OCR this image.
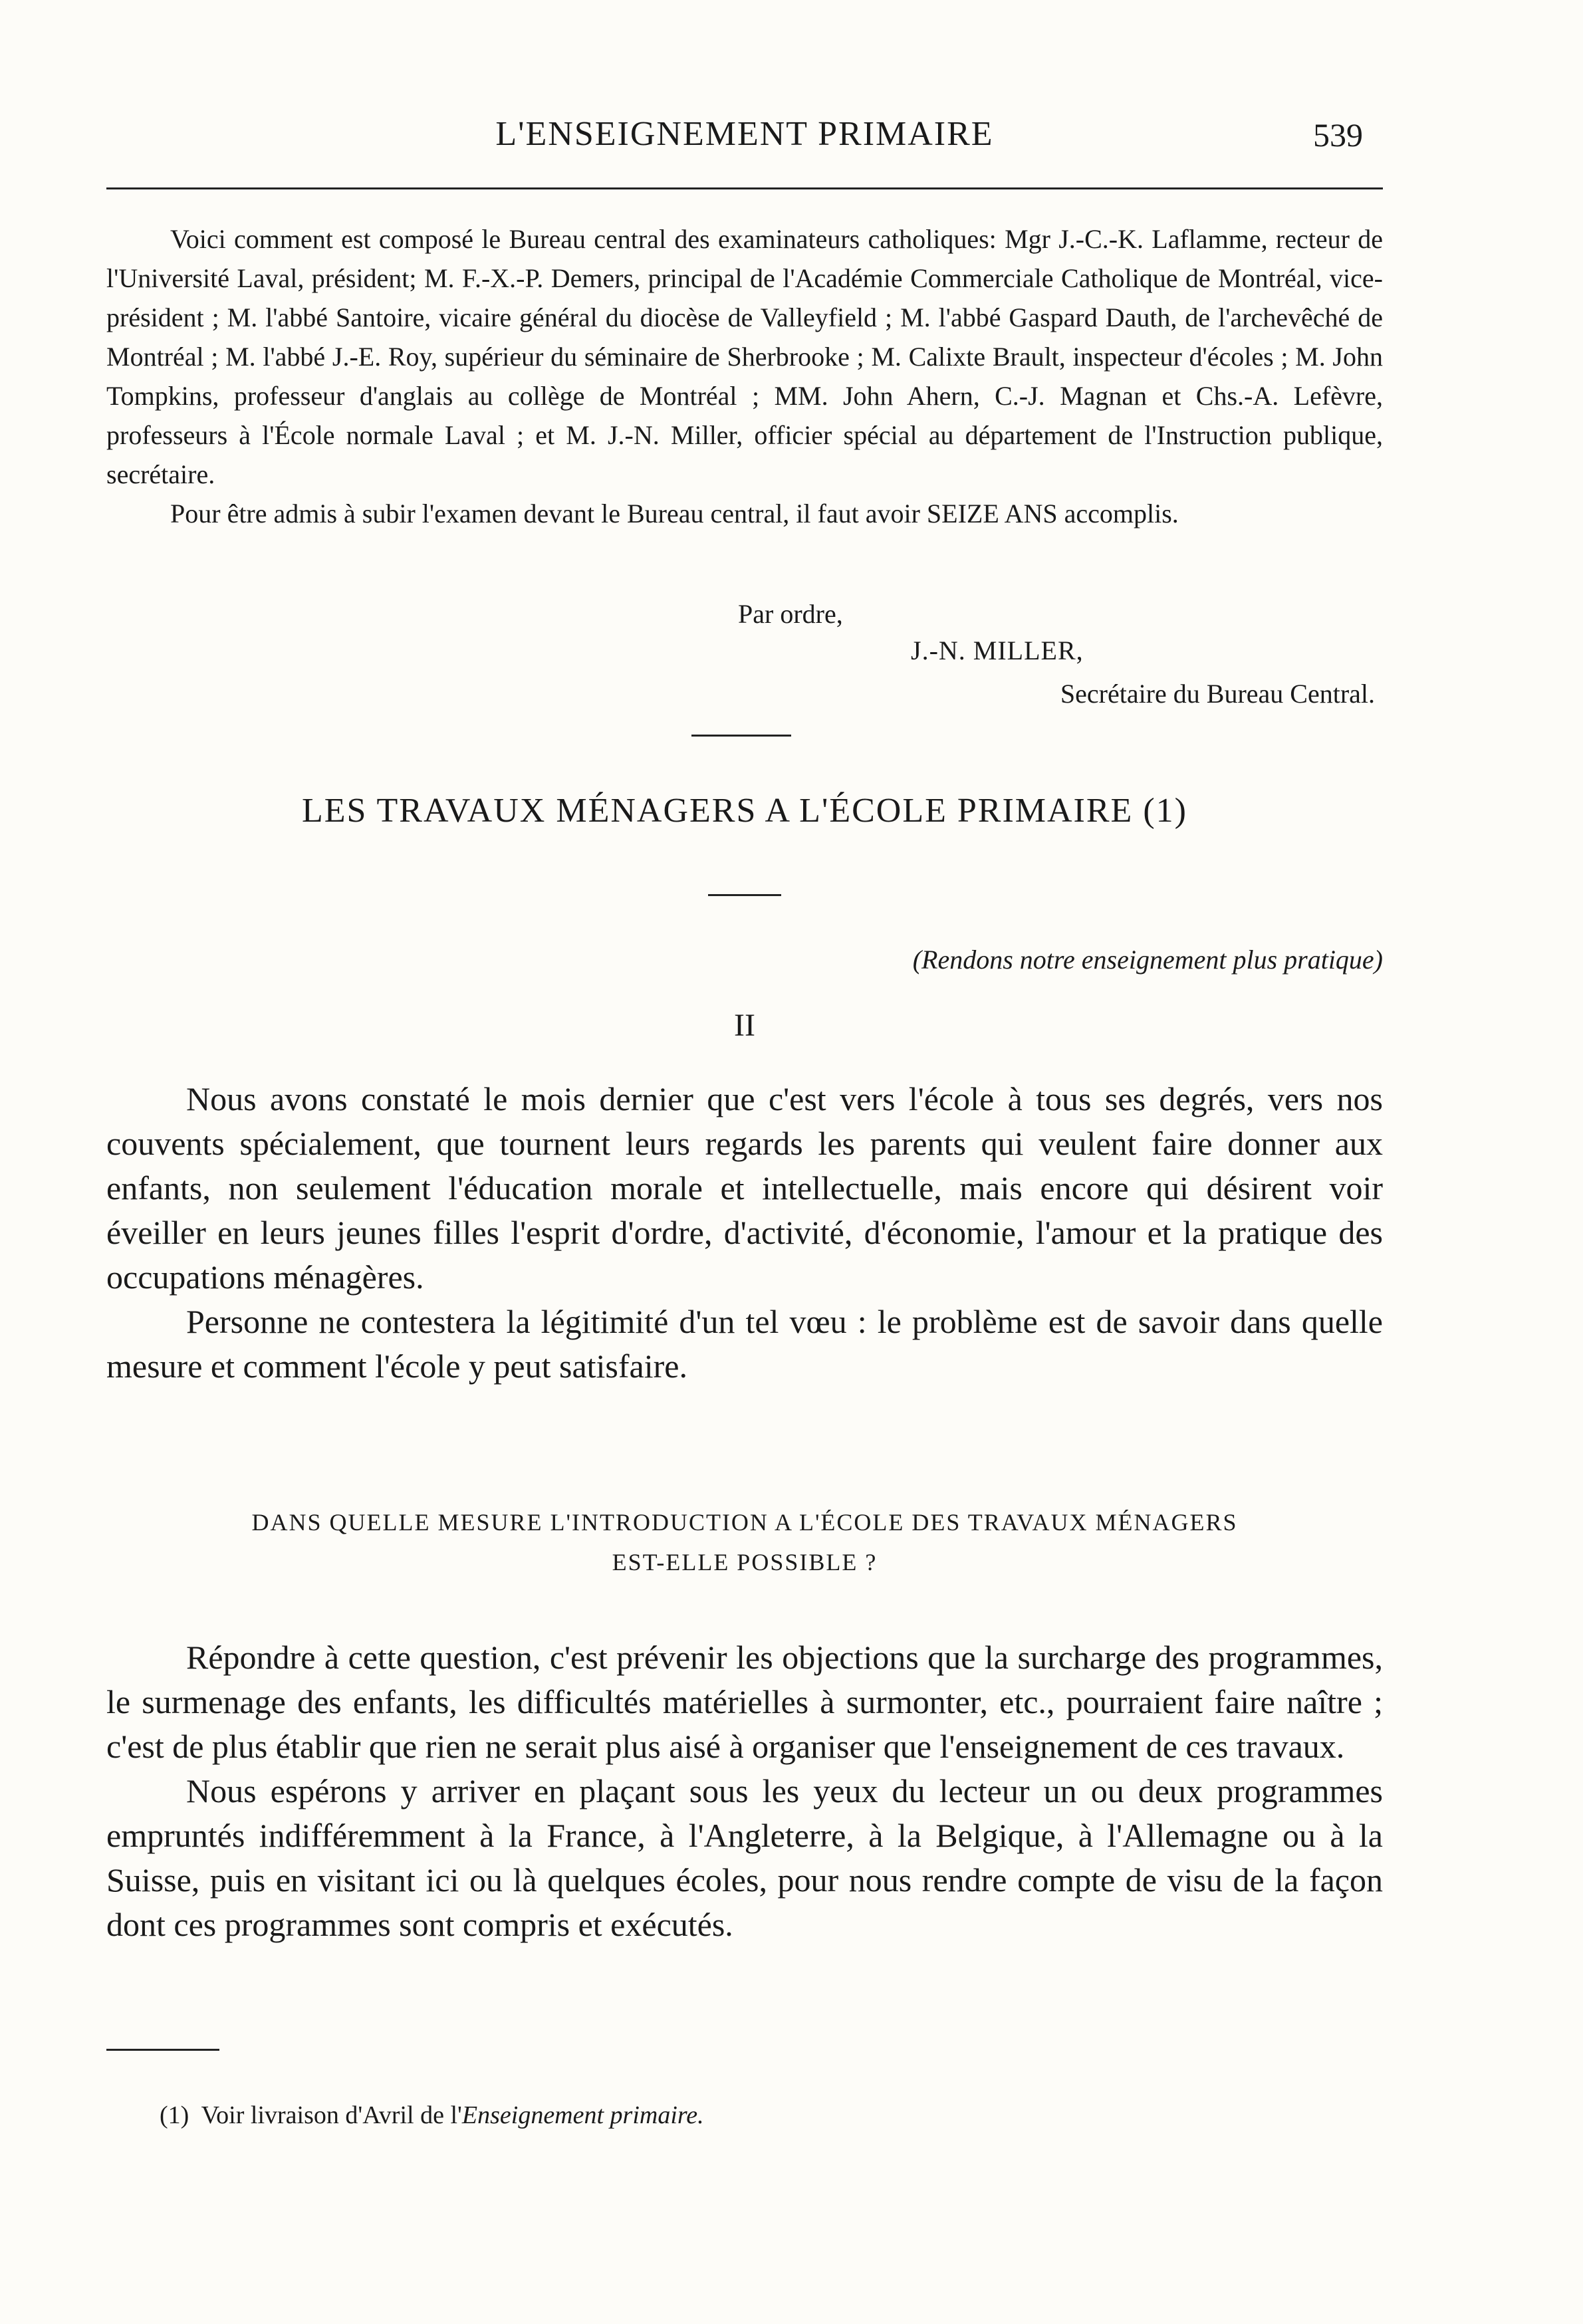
L'ENSEIGNEMENT PRIMAIRE	539

Voici comment est composé le Bureau central des examinateurs catholiques: Mgr J.-C.-K. Laflamme, recteur de l'Université Laval, président; M. F.-X.-P. Demers, principal de l'Académie Commerciale Catholique de Montréal, vice-président ; M. l'abbé Santoire, vicaire général du diocèse de Valleyfield ; M. l'abbé Gaspard Dauth, de l'archevêché de Montréal ; M. l'abbé J.-E. Roy, supérieur du séminaire de Sherbrooke ; M. Calixte Brault, inspecteur d'écoles ; M. John Tompkins, professeur d'anglais au collège de Montréal ; MM. John Ahern, C.-J. Magnan et Chs.-A. Lefèvre, professeurs à l'École normale Laval ; et M. J.-N. Miller, officier spécial au département de l'Instruction publique, secrétaire.

Pour être admis à subir l'examen devant le Bureau central, il faut avoir SEIZE ANS accomplis.

Par ordre,
J.-N. MILLER,
Secrétaire du Bureau Central.
LES TRAVAUX MÉNAGERS A L'ÉCOLE PRIMAIRE (1)
(Rendons notre enseignement plus pratique)
II

Nous avons constaté le mois dernier que c'est vers l'école à tous ses degrés, vers nos couvents spécialement, que tournent leurs regards les parents qui veulent faire donner aux enfants, non seulement l'éducation morale et intellectuelle, mais encore qui désirent voir éveiller en leurs jeunes filles l'esprit d'ordre, d'activité, d'économie, l'amour et la pratique des occupations ménagères.

Personne ne contestera la légitimité d'un tel vœu : le problème est de savoir dans quelle mesure et comment l'école y peut satisfaire.

DANS QUELLE MESURE L'INTRODUCTION A L'ÉCOLE DES TRAVAUX MÉNAGERS
EST-ELLE POSSIBLE ?

Répondre à cette question, c'est prévenir les objections que la surcharge des programmes, le surmenage des enfants, les difficultés matérielles à surmonter, etc., pourraient faire naître ; c'est de plus établir que rien ne serait plus aisé à organiser que l'enseignement de ces travaux.

Nous espérons y arriver en plaçant sous les yeux du lecteur un ou deux programmes empruntés indifféremment à la France, à l'Angleterre, à la Belgique, à l'Allemagne ou à la Suisse, puis en visitant ici ou là quelques écoles, pour nous rendre compte de visu de la façon dont ces programmes sont compris et exécutés.

(1) Voir livraison d'Avril de l'Enseignement primaire.
